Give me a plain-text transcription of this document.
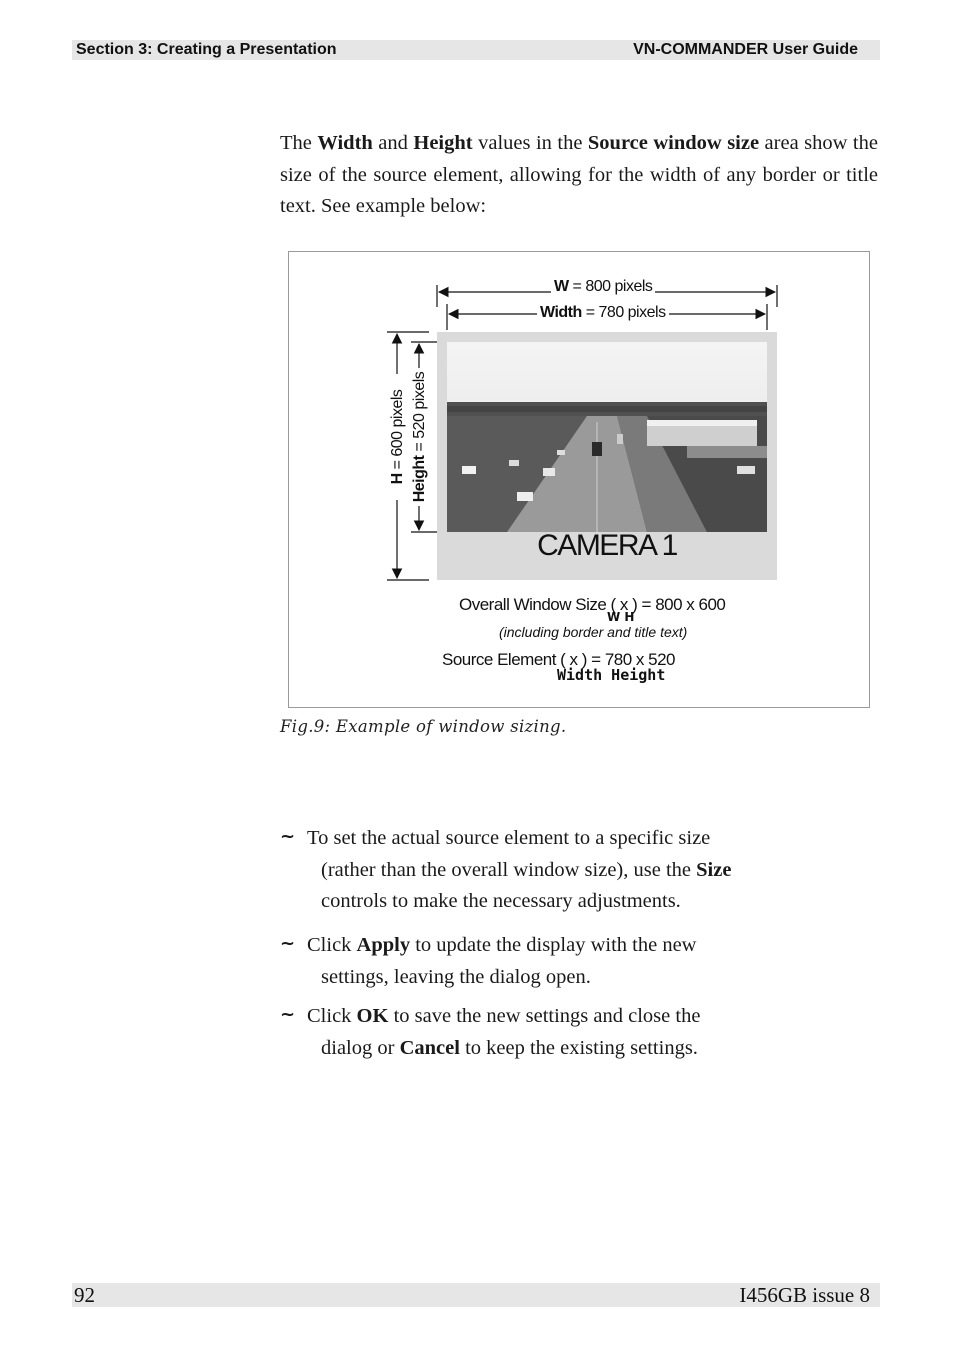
Section 3: Creating a Presentation	VN-COMMANDER User Guide

The Width and Height values in the Source window size area show the size of the source element, allowing for the width of any border or title text. See example below:

W = 800 pixels
Width = 780 pixels
H = 600 pixels
Height = 520 pixels
CAMERA 1
Overall Window Size ( x ) = 800 x 600
W H
(including border and title text)
Source Element ( x ) = 780 x 520
Width Height
Fig.9: Example of window sizing.
~ To set the actual source element to a specific size
(rather than the overall window size), use the Size
controls to make the necessary adjustments.
~ Click Apply to update the display with the new
settings, leaving the dialog open.
~ Click OK to save the new settings and close the
dialog or Cancel to keep the existing settings.
92	I456GB issue 8
